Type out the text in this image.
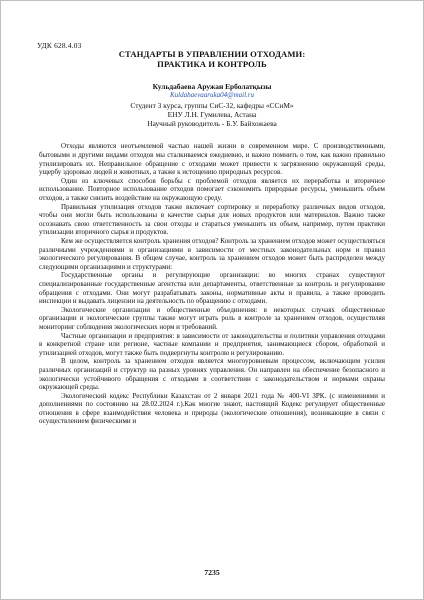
УДК 628.4.03
СТАНДАРТЫ В УПРАВЛЕНИИ ОТХОДАМИ:
ПРАКТИКА И КОНТРОЛЬ
Кульдабаева Аружан Ерболатқызы
Kuldabaevaaruka04@mail.ru
Студент 3 курса, группы СиС-32, кафедры «ССиМ»
ЕНУ Л.Н. Гумилева, Астана
Научный руководитель - Б.У. Байхожаева

Отходы являются неотъемлемой частью нашей жизни в современном мире. С производственными, бытовыми и другими видами отходов мы сталкиваемся ежедневно, и важно помнить о том, как важно правильно утилизировать их. Неправильное обращение с отходами может привести к загрязнению окружающей среды, ущербу здоровью людей и животных, а также к истощению природных ресурсов.

Один из ключевых способов борьбы с проблемой отходов является их переработка и вторичное использование. Повторное использование отходов помогает сэкономить природные ресурсы, уменьшить объем отходов, а также снизить воздействие на окружающую среду.

Правильная утилизация отходов также включает сортировку и переработку различных видов отходов, чтобы они могли быть использованы в качестве сырья для новых продуктов или материалов. Важно также осознавать свою ответственность за свои отходы и стараться уменьшить их объем, например, путем практики утилизации вторичного сырья и продуктов.

Кем же осуществляется контроль хранения отходов? Контроль за хранением отходов может осуществляться различными учреждениями и организациями в зависимости от местных законодательных норм и правил экологического регулирования. В общем случае, контроль за хранением отходов может быть распределен между следующими организациями и структурами:

Государственные органы и регулирующие организации: во многих странах существуют специализированные государственные агентства или департаменты, ответственные за контроль и регулирование обращения с отходами. Они могут разрабатывать законы, нормативные акты и правила, а также проводить инспекции и выдавать лицензии на деятельность по обращению с отходами.

Экологические организации и общественные объединения: в некоторых случаях общественные организации и экологические группы также могут играть роль в контроле за хранением отходов, осуществляя мониторинг соблюдения экологических норм и требований.

Частные организации и предприятия: в зависимости от законодательства и политики управления отходами в конкретной стране или регионе, частные компании и предприятия, занимающиеся сбором, обработкой и утилизацией отходов, могут также быть подвергнуты контролю и регулированию.

В целом, контроль за хранением отходов является многоуровневым процессом, включающим усилия различных организаций и структур на разных уровнях управления. Он направлен на обеспечение безопасного и экологически устойчивого обращения с отходами в соответствии с законодательством и нормами охраны окружающей среды.

Экологический кодекс Республики Казахстан от 2 января 2021 года № 400-VI ЗРК. (с изменениями и дополнениями по состоянию на 28.02.2024 г.).Как многие знают, настоящий Кодекс регулирует общественные отношения в сфере взаимодействия человека и природы (экологические отношения), возникающие в связи с осуществлением физическими и

7235
